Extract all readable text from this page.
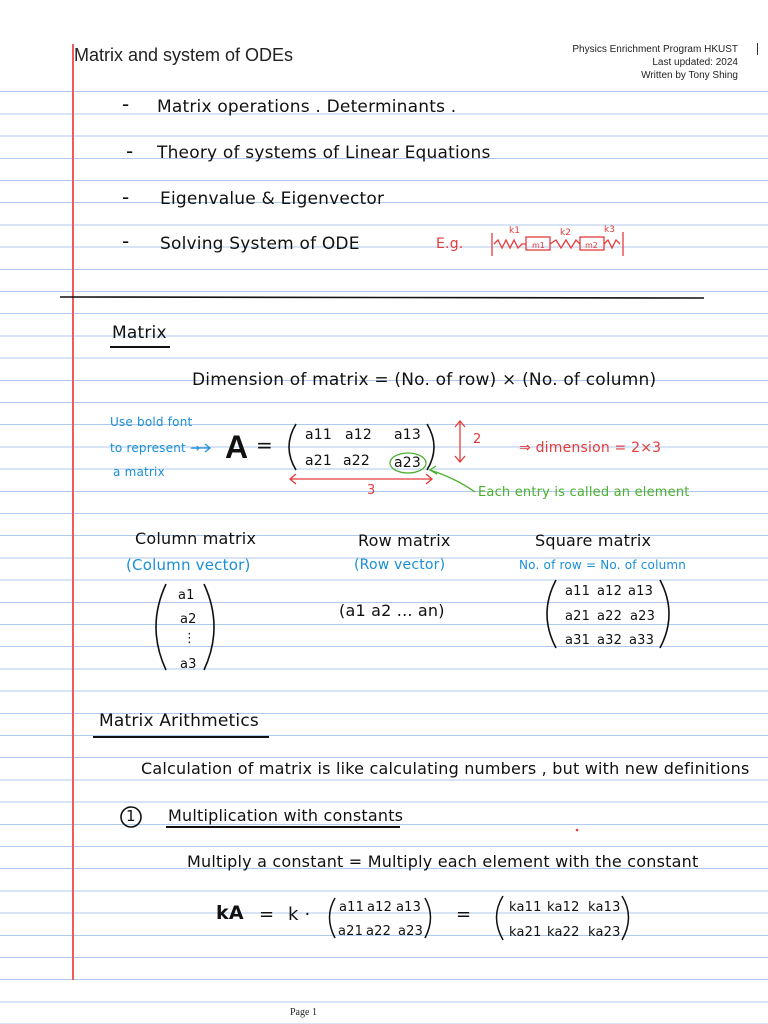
Matrix and system of ODEs	Physics Enrichment Program HKUST
Last updated: 2024
Written by Tony Shing
- Matrix operations . Determinants .
- Theory of systems of Linear Equations
- Eigenvalue & Eigenvector
- Solving System of ODE	E.g.
Matrix
Dimension of matrix = (No. of row) × (No. of column)
Use bold font
to represent →
a matrix
A = a11 a12 a13
a21 a22 a23
2
3
⇒ dimension = 2×3
Each entry is called an element
Column matrix
(Column vector)
a1
a2
⋮
a3
Row matrix
(Row vector)
(a1 a2 ... an)
Square matrix
No. of row = No. of column
a11 a12 a13
a21 a22 a23
a31 a32 a33
Matrix Arithmetics
Calculation of matrix is like calculating numbers , but with new definitions
1 Multiplication with constants
Multiply a constant = Multiply each element with the constant
kA = k · a11 a12 a13
a21 a22 a23
=	ka11 ka12 ka13
ka21 ka22 ka23
Page 1
k1	k2	k3
m1	m2
